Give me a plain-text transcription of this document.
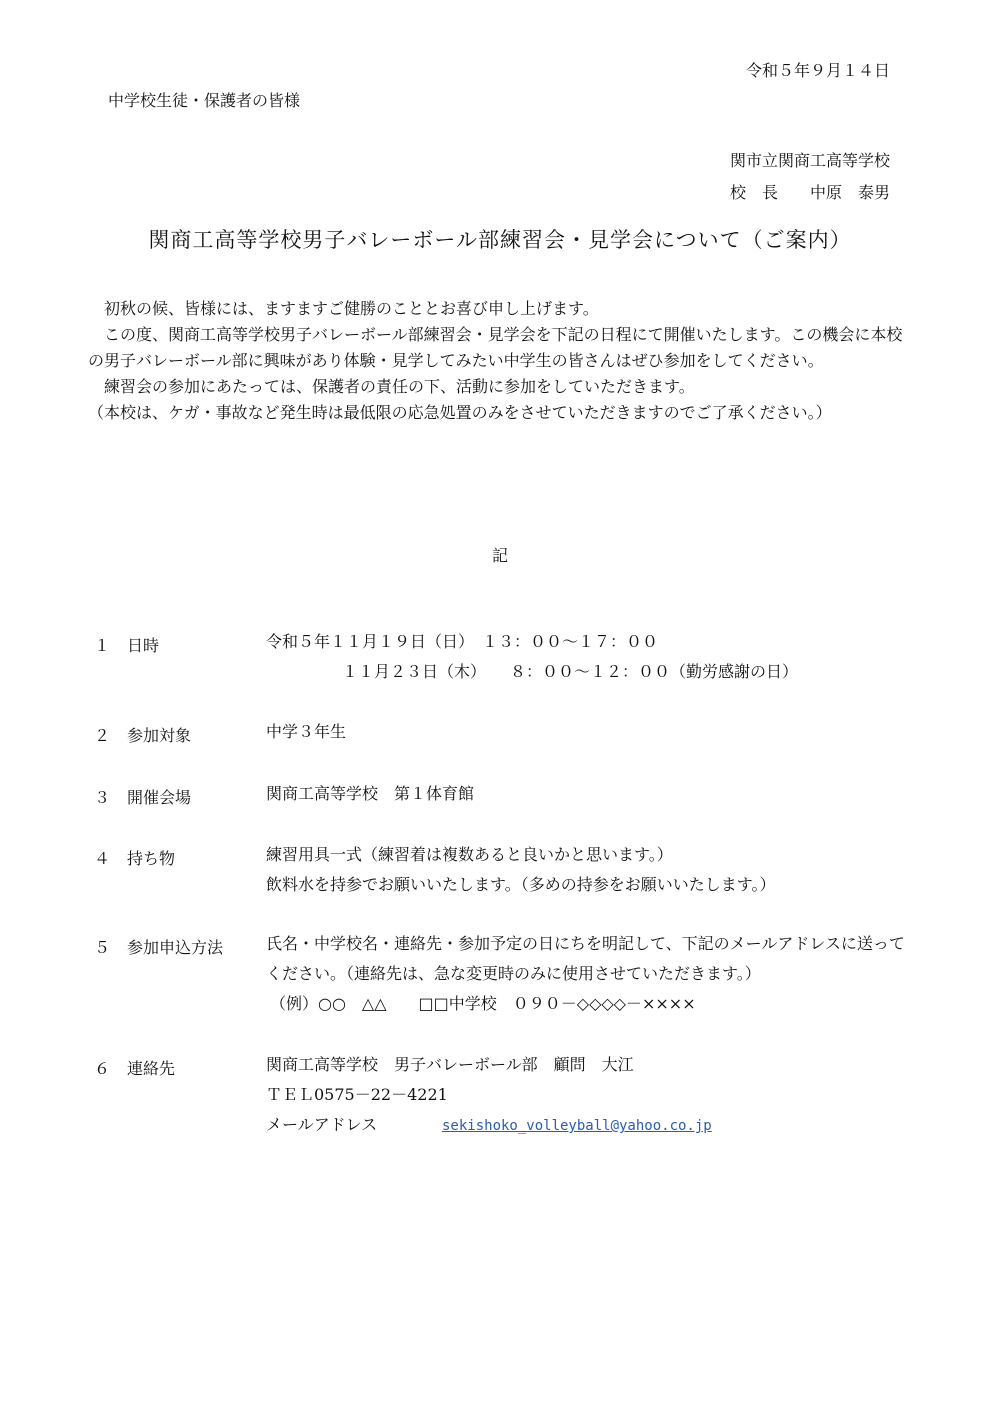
令和５年９月１４日
中学校生徒・保護者の皆様
関市立関商工高等学校
校　長　　中原　泰男
関商工高等学校男子バレーボール部練習会・見学会について（ご案内）

初秋の候、皆様には、ますますご健勝のこととお喜び申し上げます。

この度、関商工高等学校男子バレーボール部練習会・見学会を下記の日程にて開催いたします。この機会に本校の男子バレーボール部に興味があり体験・見学してみたい中学生の皆さんはぜひ参加をしてください。

練習会の参加にあたっては、保護者の責任の下、活動に参加をしていただきます。

（本校は、ケガ・事故など発生時は最低限の応急処置のみをさせていただきますのでご了承ください。）

記
１ 日時	令和５年１１月１９日（日）　１３：００～１７：００
１１月２３日（木）　　８：００～１２：００（勤労感謝の日）
２ 参加対象	中学３年生
３ 開催会場	関商工高等学校　第１体育館
４ 持ち物	練習用具一式（練習着は複数あると良いかと思います。）
飲料水を持参でお願いいたします。（多めの持参をお願いいたします。）
５ 参加申込方法	氏名・中学校名・連絡先・参加予定の日にちを明記して、下記のメールアドレスに送ってください。（連絡先は、急な変更時のみに使用させていただきます。）
（例）○○　△△　　□□中学校　０９０－◇◇◇◇－××××
６ 連絡先	関商工高等学校　男子バレーボール部　顧問　大江
ＴＥＬ0575－22－4221
メールアドレス	sekishoko_volleyball@yahoo.co.jp
